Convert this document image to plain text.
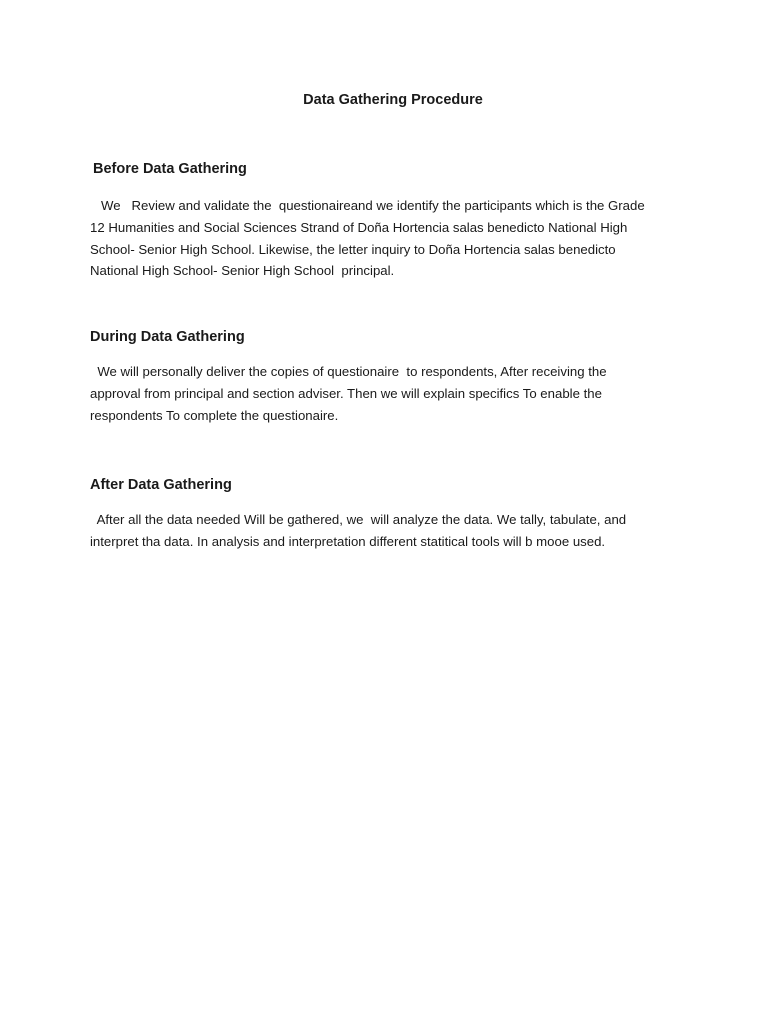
Data Gathering Procedure
Before Data Gathering

We   Review and validate the  questionaireand we identify the participants which is the Grade
12 Humanities and Social Sciences Strand of Doña Hortencia salas benedicto National High
School- Senior High School. Likewise, the letter inquiry to Doña Hortencia salas benedicto
National High School- Senior High School  principal.

During Data Gathering

We will personally deliver the copies of questionaire  to respondents, After receiving the
approval from principal and section adviser. Then we will explain specifics To enable the
respondents To complete the questionaire.

After Data Gathering

After all the data needed Will be gathered, we  will analyze the data. We tally, tabulate, and
interpret tha data. In analysis and interpretation different statitical tools will b mooe used.
